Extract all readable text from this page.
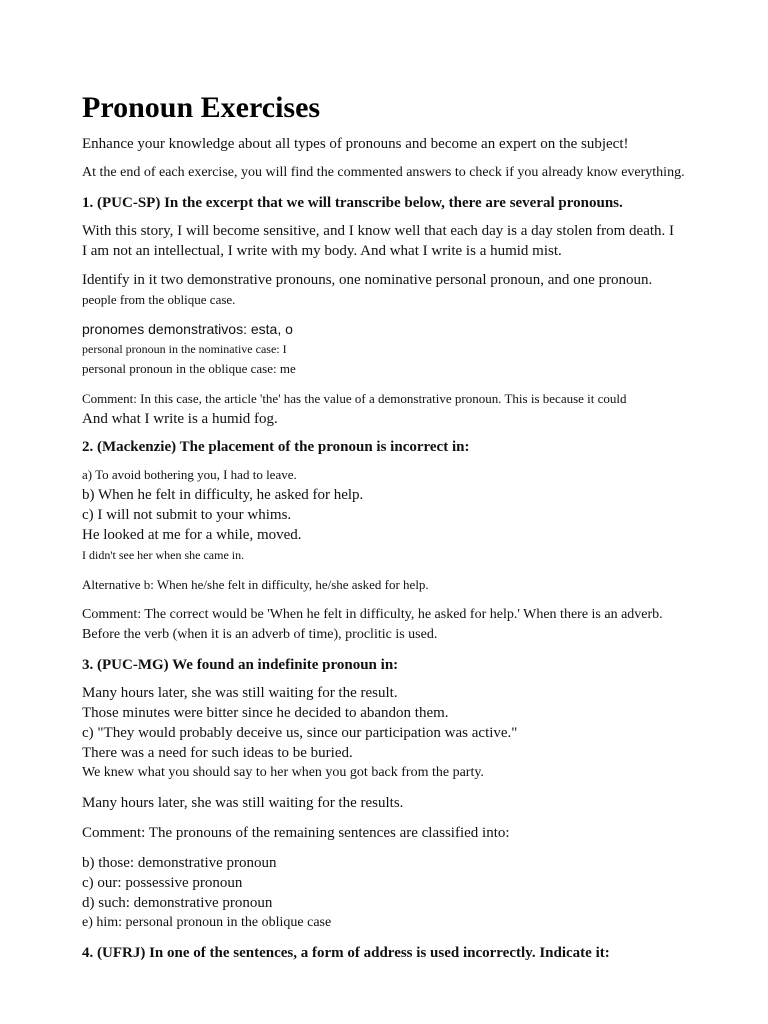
Pronoun Exercises

Enhance your knowledge about all types of pronouns and become an expert on the subject!

At the end of each exercise, you will find the commented answers to check if you already know everything.

1. (PUC-SP) In the excerpt that we will transcribe below, there are several pronouns.

With this story, I will become sensitive, and I know well that each day is a day stolen from death. I

I am not an intellectual, I write with my body. And what I write is a humid mist.

Identify in it two demonstrative pronouns, one nominative personal pronoun, and one pronoun.

people from the oblique case.

pronomes demonstrativos: esta, o

personal pronoun in the nominative case: I

personal pronoun in the oblique case: me

Comment: In this case, the article 'the' has the value of a demonstrative pronoun. This is because it could

And what I write is a humid fog.

2. (Mackenzie) The placement of the pronoun is incorrect in:

a) To avoid bothering you, I had to leave.

b) When he felt in difficulty, he asked for help.

c) I will not submit to your whims.

He looked at me for a while, moved.

I didn't see her when she came in.

Alternative b: When he/she felt in difficulty, he/she asked for help.

Comment: The correct would be 'When he felt in difficulty, he asked for help.' When there is an adverb.

Before the verb (when it is an adverb of time), proclitic is used.

3. (PUC-MG) We found an indefinite pronoun in:

Many hours later, she was still waiting for the result.

Those minutes were bitter since he decided to abandon them.

c) "They would probably deceive us, since our participation was active."

There was a need for such ideas to be buried.

We knew what you should say to her when you got back from the party.

Many hours later, she was still waiting for the results.

Comment: The pronouns of the remaining sentences are classified into:

b) those: demonstrative pronoun

c) our: possessive pronoun

d) such: demonstrative pronoun

e) him: personal pronoun in the oblique case

4. (UFRJ) In one of the sentences, a form of address is used incorrectly. Indicate it:
